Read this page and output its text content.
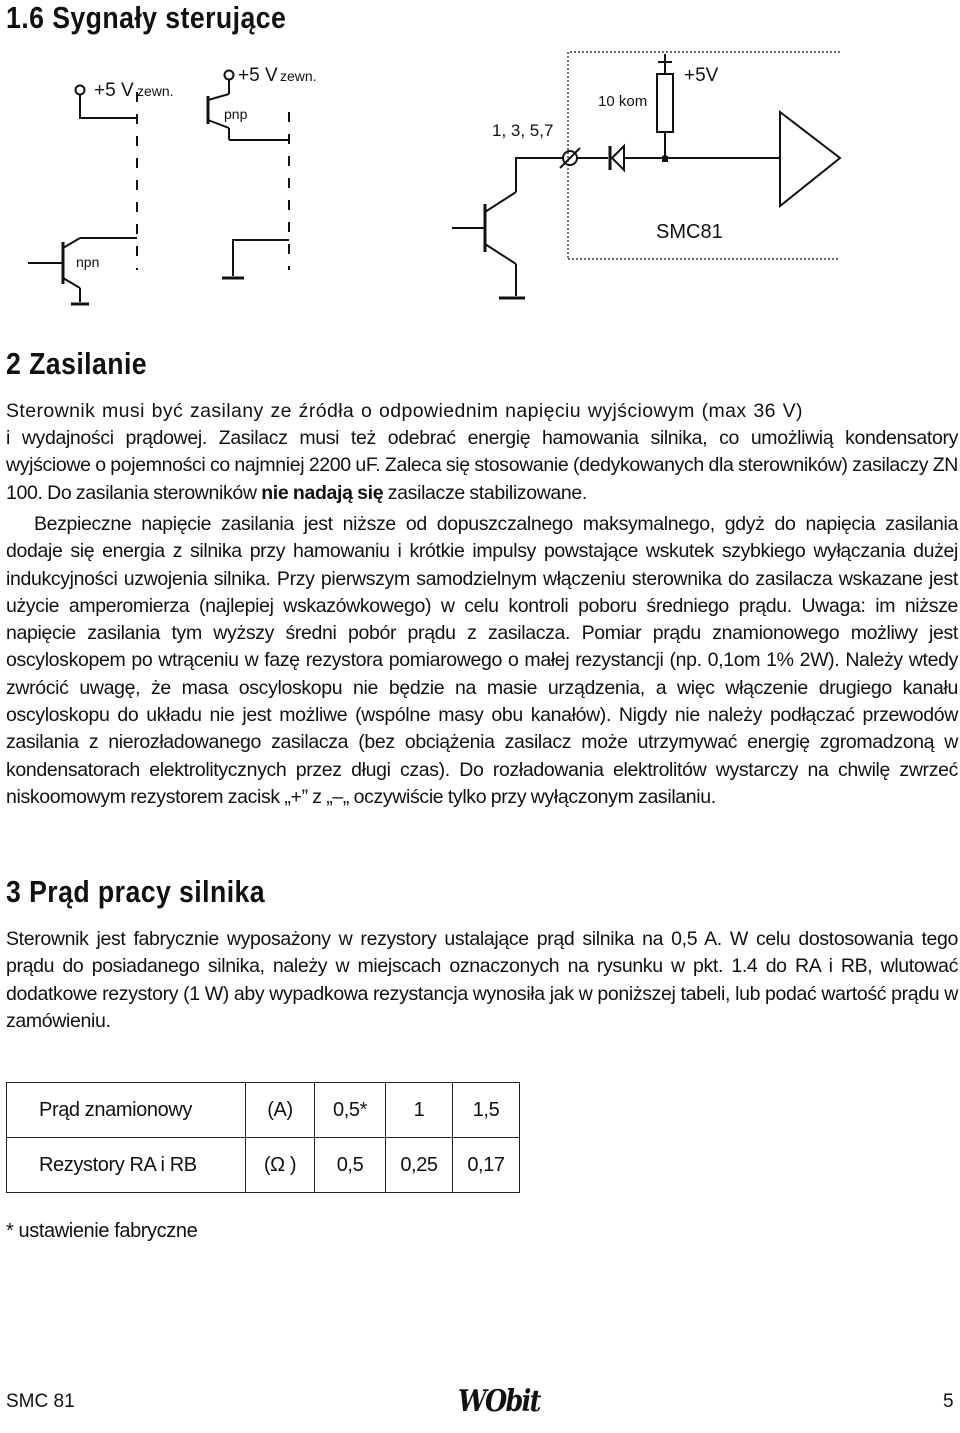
1.6 Sygnały sterujące
+5 V zewn.
+5 V zewn.
pnp
npn
1, 3, 5,7
10 kom
+5V
SMC81
2 Zasilanie
Sterownik musi być zasilany ze źródła o odpowiednim napięciu wyjściowym (max 36 V)

i wydajności prądowej. Zasilacz musi też odebrać energię hamowania silnika, co umożliwią kondensatory wyjściowe o pojemności co najmniej 2200 uF. Zaleca się stosowanie (dedykowanych dla sterowników) zasilaczy ZN 100. Do zasilania sterowników nie nadają się zasilacze stabilizowane.

Bezpieczne napięcie zasilania jest niższe od dopuszczalnego maksymalnego, gdyż do napięcia zasilania dodaje się energia z silnika przy hamowaniu i krótkie impulsy powstające wskutek szybkiego wyłączania dużej indukcyjności uzwojenia silnika. Przy pierwszym samodzielnym włączeniu sterownika do zasilacza wskazane jest użycie amperomierza (najlepiej wskazówkowego) w celu kontroli poboru średniego prądu. Uwaga: im niższe napięcie zasilania tym wyższy średni pobór prądu z zasilacza. Pomiar prądu znamionowego możliwy jest oscyloskopem po wtrąceniu w fazę rezystora pomiarowego o małej rezystancji (np. 0,1om 1% 2W). Należy wtedy zwrócić uwagę, że masa oscyloskopu nie będzie na masie urządzenia, a więc włączenie drugiego kanału oscyloskopu do układu nie jest możliwe (wspólne masy obu kanałów). Nigdy nie należy podłączać przewodów zasilania z nierozładowanego zasilacza (bez obciążenia zasilacz może utrzymywać energię zgromadzoną w kondensatorach elektrolitycznych przez długi czas). Do rozładowania elektrolitów wystarczy na chwilę zwrzeć niskoomowym rezystorem zacisk „+” z „–„ oczywiście tylko przy wyłączonym zasilaniu.

3 Prąd pracy silnika

Sterownik jest fabrycznie wyposażony w rezystory ustalające prąd silnika na 0,5 A. W celu dostosowania tego prądu do posiadanego silnika, należy w miejscach oznaczonych na rysunku w pkt. 1.4 do RA i RB, wlutować dodatkowe rezystory (1 W) aby wypadkowa rezystancja wynosiła jak w poniższej tabeli, lub podać wartość prądu w zamówieniu.

Prąd znamionowy	(A)	0,5*	1	1,5
Rezystory RA i RB	(Ω )	0,5	0,25	0,17
* ustawienie fabryczne
SMC 81	WObit	5
